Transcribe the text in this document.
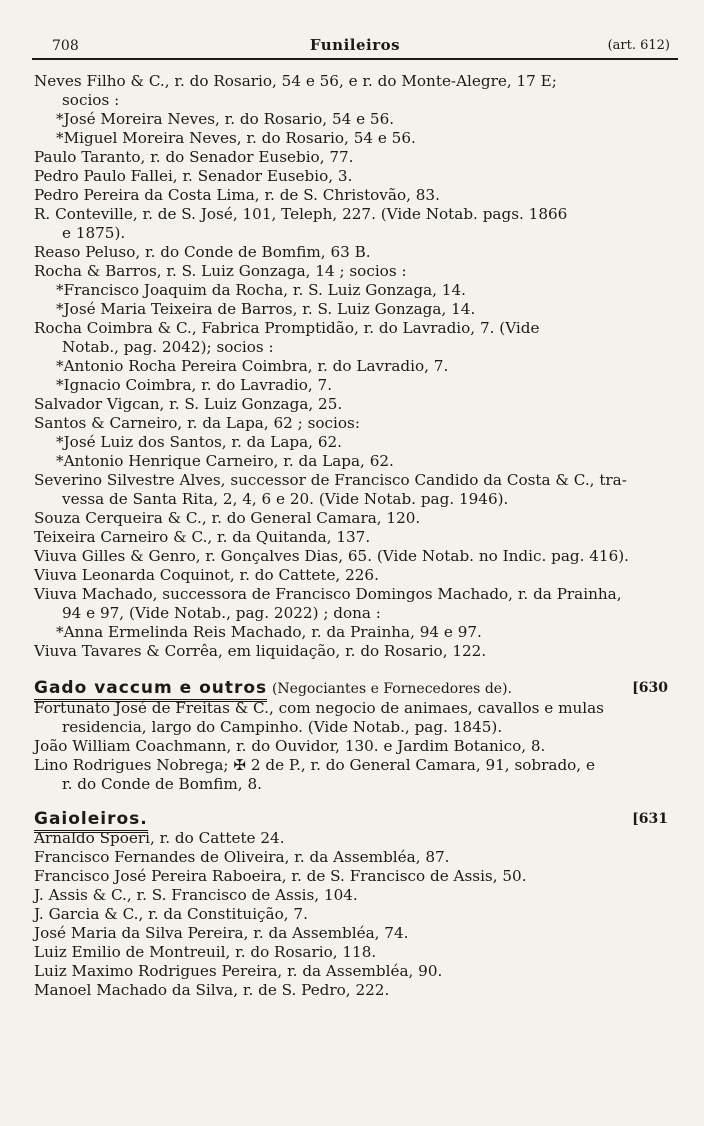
708	Funileiros	(art. 612)
Neves Filho & C., r. do Rosario, 54 e 56, e r. do Monte-Alegre, 17 E;
socios :
*José Moreira Neves, r. do Rosario, 54 e 56.
*Miguel Moreira Neves, r. do Rosario, 54 e 56.
Paulo Taranto, r. do Senador Eusebio, 77.
Pedro Paulo Fallei, r. Senador Eusebio, 3.
Pedro Pereira da Costa Lima, r. de S. Christovão, 83.
R. Conteville, r. de S. José, 101, Teleph, 227. (Vide Notab. pags. 1866
e 1875).
Reaso Peluso, r. do Conde de Bomfim, 63 B.
Rocha & Barros, r. S. Luiz Gonzaga, 14 ; socios :
*Francisco Joaquim da Rocha, r. S. Luiz Gonzaga, 14.
*José Maria Teixeira de Barros, r. S. Luiz Gonzaga, 14.
Rocha Coimbra & C., Fabrica Promptidão, r. do Lavradio, 7. (Vide
Notab., pag. 2042); socios :
*Antonio Rocha Pereira Coimbra, r. do Lavradio, 7.
*Ignacio Coimbra, r. do Lavradio, 7.
Salvador Vigcan, r. S. Luiz Gonzaga, 25.
Santos & Carneiro, r. da Lapa, 62 ; socios:
*José Luiz dos Santos, r. da Lapa, 62.
*Antonio Henrique Carneiro, r. da Lapa, 62.
Severino Silvestre Alves, successor de Francisco Candido da Costa & C., tra-
vessa de Santa Rita, 2, 4, 6 e 20. (Vide Notab. pag. 1946).
Souza Cerqueira & C., r. do General Camara, 120.
Teixeira Carneiro & C., r. da Quitanda, 137.
Viuva Gilles & Genro, r. Gonçalves Dias, 65. (Vide Notab. no Indic. pag. 416).
Viuva Leonarda Coquinot, r. do Cattete, 226.
Viuva Machado, successora de Francisco Domingos Machado, r. da Prainha,
94 e 97, (Vide Notab., pag. 2022) ; dona :
*Anna Ermelinda Reis Machado, r. da Prainha, 94 e 97.
Viuva Tavares & Corrêa, em liquidação, r. do Rosario, 122.
Gado vaccum e outros (Negociantes e Fornecedores de).	[630
Fortunato José de Freitas & C., com negocio de animaes, cavallos e mulas
residencia, largo do Campinho. (Vide Notab., pag. 1845).
João William Coachmann, r. do Ouvidor, 130. e Jardim Botanico, 8.
Lino Rodrigues Nobrega; ✠ 2 de P., r. do General Camara, 91, sobrado, e
r. do Conde de Bomfim, 8.
Gaioleiros.	[631
Arnaldo Spoeri, r. do Cattete 24.
Francisco Fernandes de Oliveira, r. da Assembléa, 87.
Francisco José Pereira Raboeira, r. de S. Francisco de Assis, 50.
J. Assis & C., r. S. Francisco de Assis, 104.
J. Garcia & C., r. da Constituição, 7.
José Maria da Silva Pereira, r. da Assembléa, 74.
Luiz Emilio de Montreuil, r. do Rosario, 118.
Luiz Maximo Rodrigues Pereira, r. da Assembléa, 90.
Manoel Machado da Silva, r. de S. Pedro, 222.
